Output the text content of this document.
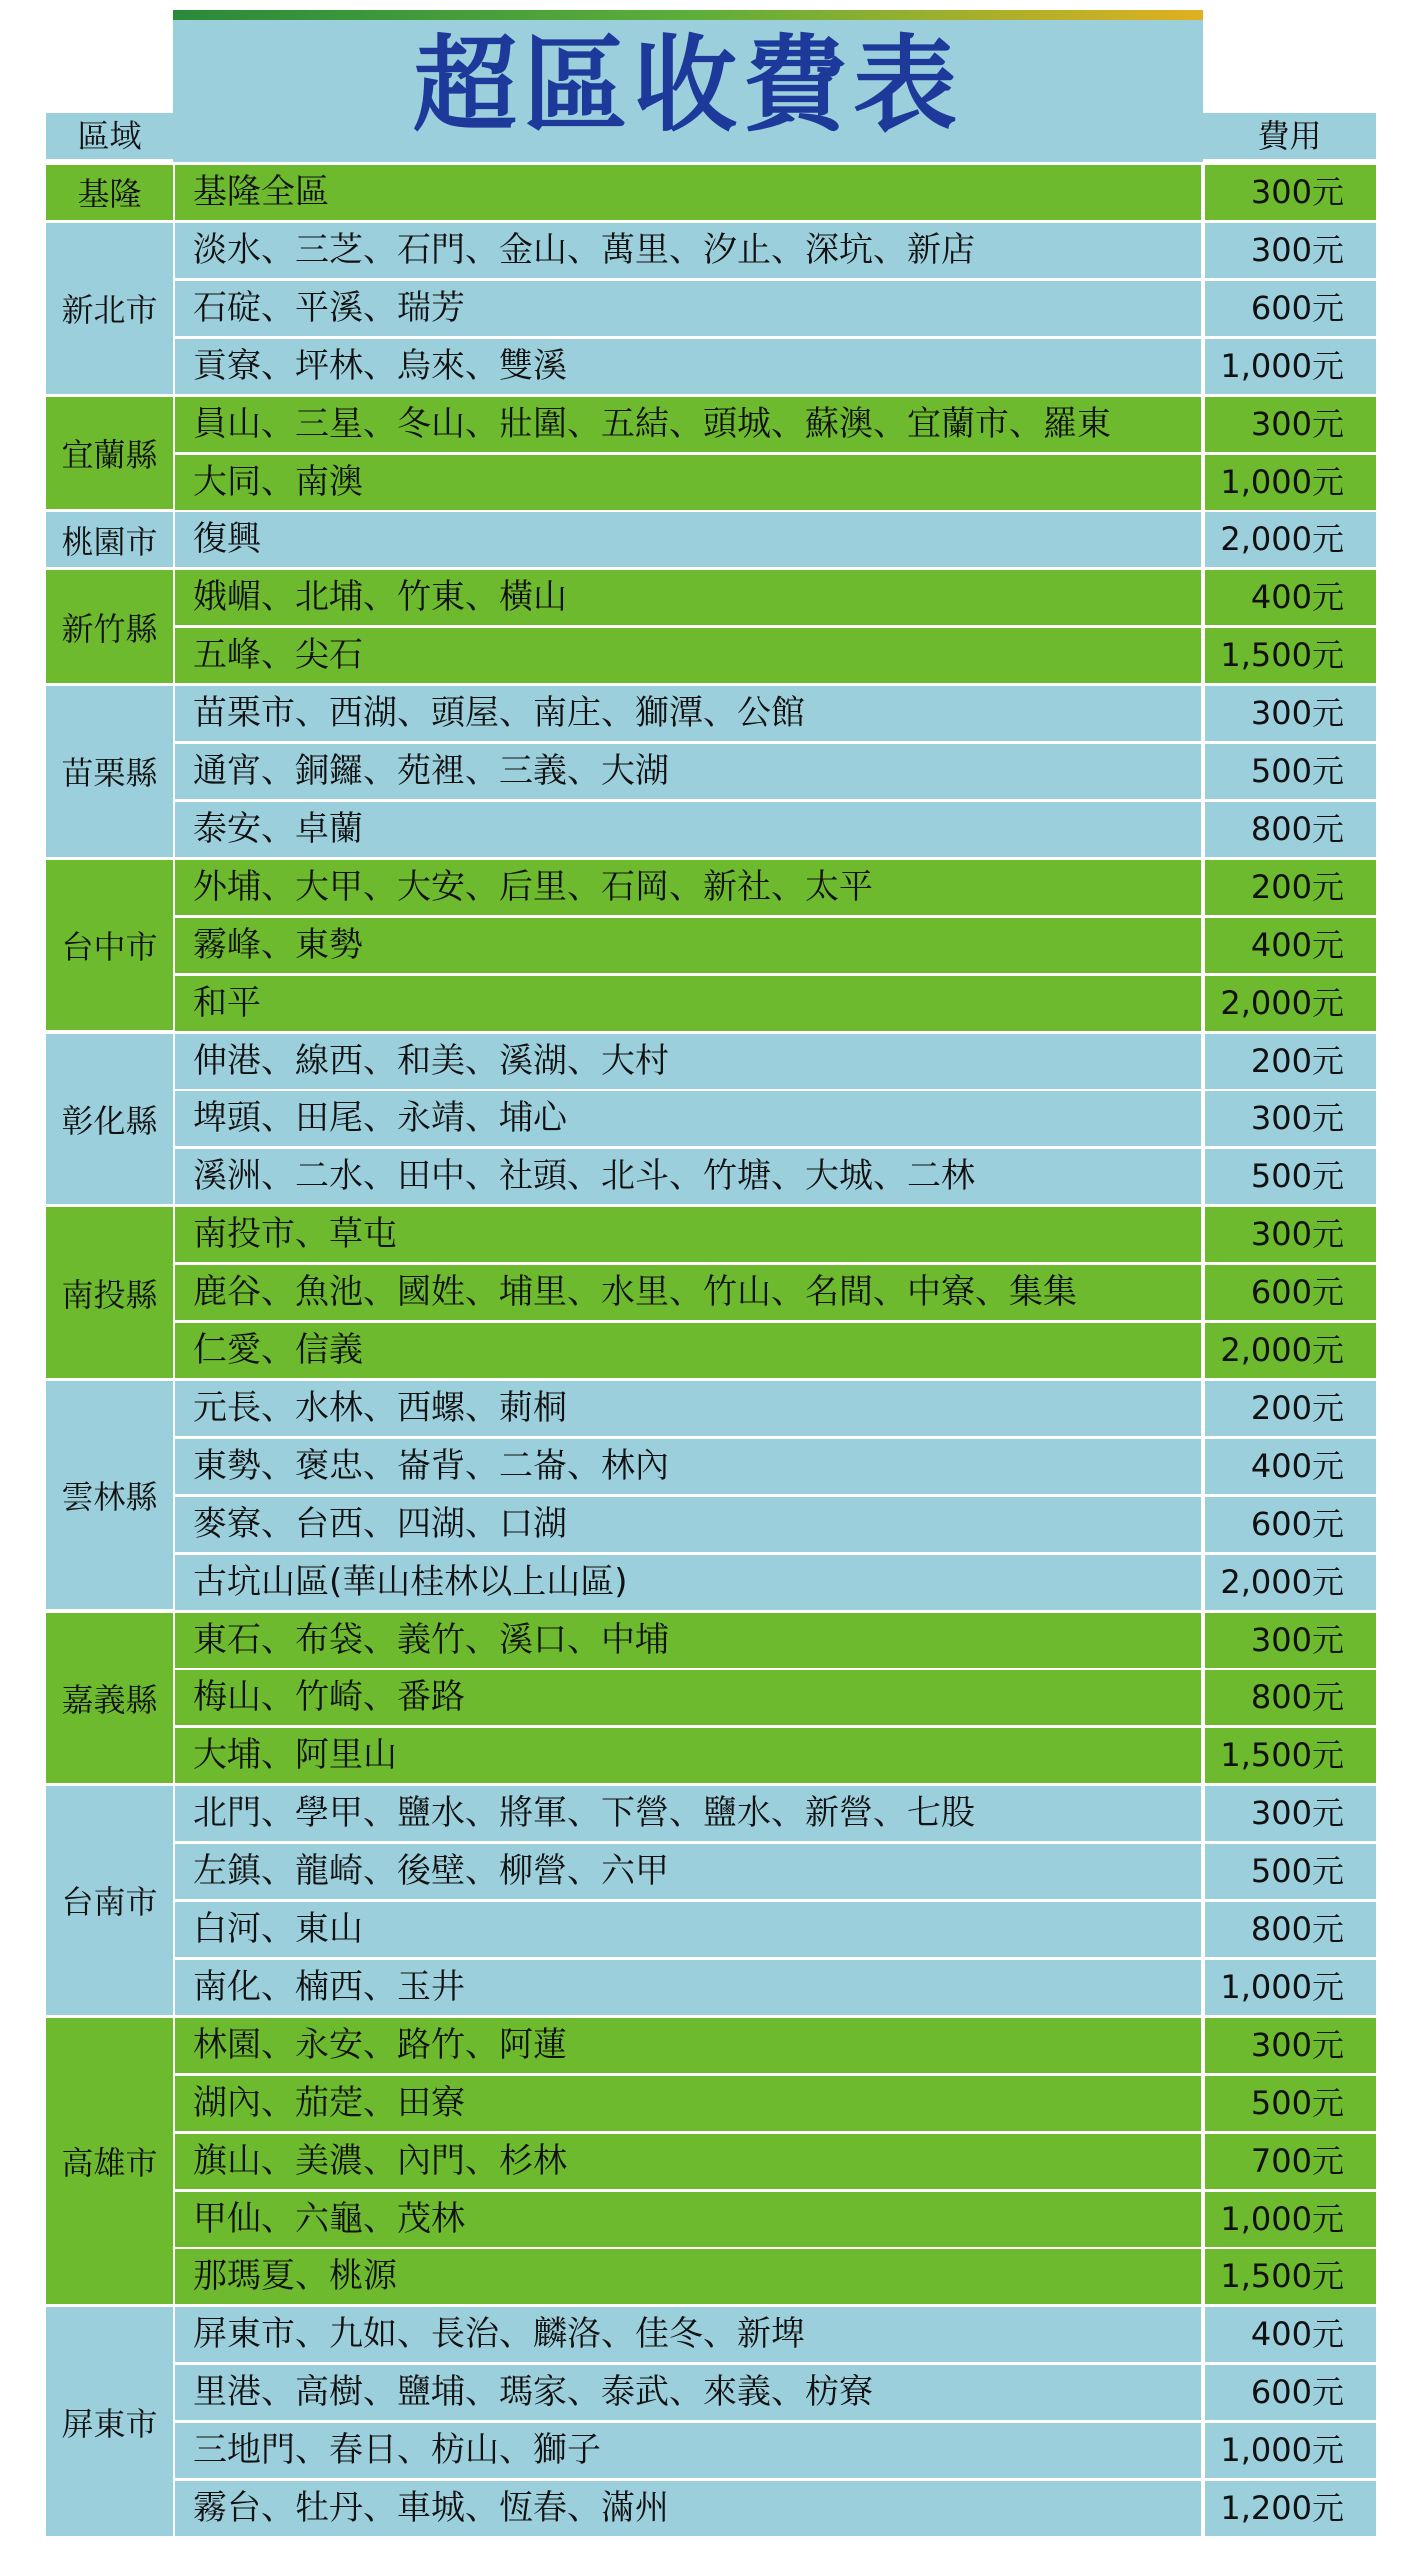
超區收費表
區域	費用
基隆	基隆全區	300元
新北市
淡水、三芝、石門、金山、萬里、汐止、深坑、新店	300元
石碇、平溪、瑞芳	600元
貢寮、坪林、烏來、雙溪	1,000元
宜蘭縣
員山、三星、冬山、壯圍、五結、頭城、蘇澳、宜蘭市、羅東	300元
大同、南澳	1,000元
桃園市	復興	2,000元
新竹縣
娥嵋、北埔、竹東、橫山	400元
五峰、尖石	1,500元
苗栗縣
苗栗市、西湖、頭屋、南庄、獅潭、公館	300元
通宵、銅鑼、苑裡、三義、大湖	500元
泰安、卓蘭	800元
台中市
外埔、大甲、大安、后里、石岡、新社、太平	200元
霧峰、東勢	400元
和平	2,000元
彰化縣
伸港、線西、和美、溪湖、大村	200元
埤頭、田尾、永靖、埔心	300元
溪洲、二水、田中、社頭、北斗、竹塘、大城、二林	500元
南投縣
南投市、草屯	300元
鹿谷、魚池、國姓、埔里、水里、竹山、名間、中寮、集集	600元
仁愛、信義	2,000元
雲林縣
元長、水林、西螺、莿桐	200元
東勢、褒忠、崙背、二崙、林內	400元
麥寮、台西、四湖、口湖	600元
古坑山區(華山桂林以上山區)	2,000元
嘉義縣
東石、布袋、義竹、溪口、中埔	300元
梅山、竹崎、番路	800元
大埔、阿里山	1,500元
台南市
北門、學甲、鹽水、將軍、下營、鹽水、新營、七股	300元
左鎮、龍崎、後壁、柳營、六甲	500元
白河、東山	800元
南化、楠西、玉井	1,000元
高雄市
林園、永安、路竹、阿蓮	300元
湖內、茄萣、田寮	500元
旗山、美濃、內門、杉林	700元
甲仙、六龜、茂林	1,000元
那瑪夏、桃源	1,500元
屏東市
屏東市、九如、長治、麟洛、佳冬、新埤	400元
里港、高樹、鹽埔、瑪家、泰武、來義、枋寮	600元
三地門、春日、枋山、獅子	1,000元
霧台、牡丹、車城、恆春、滿州	1,200元
